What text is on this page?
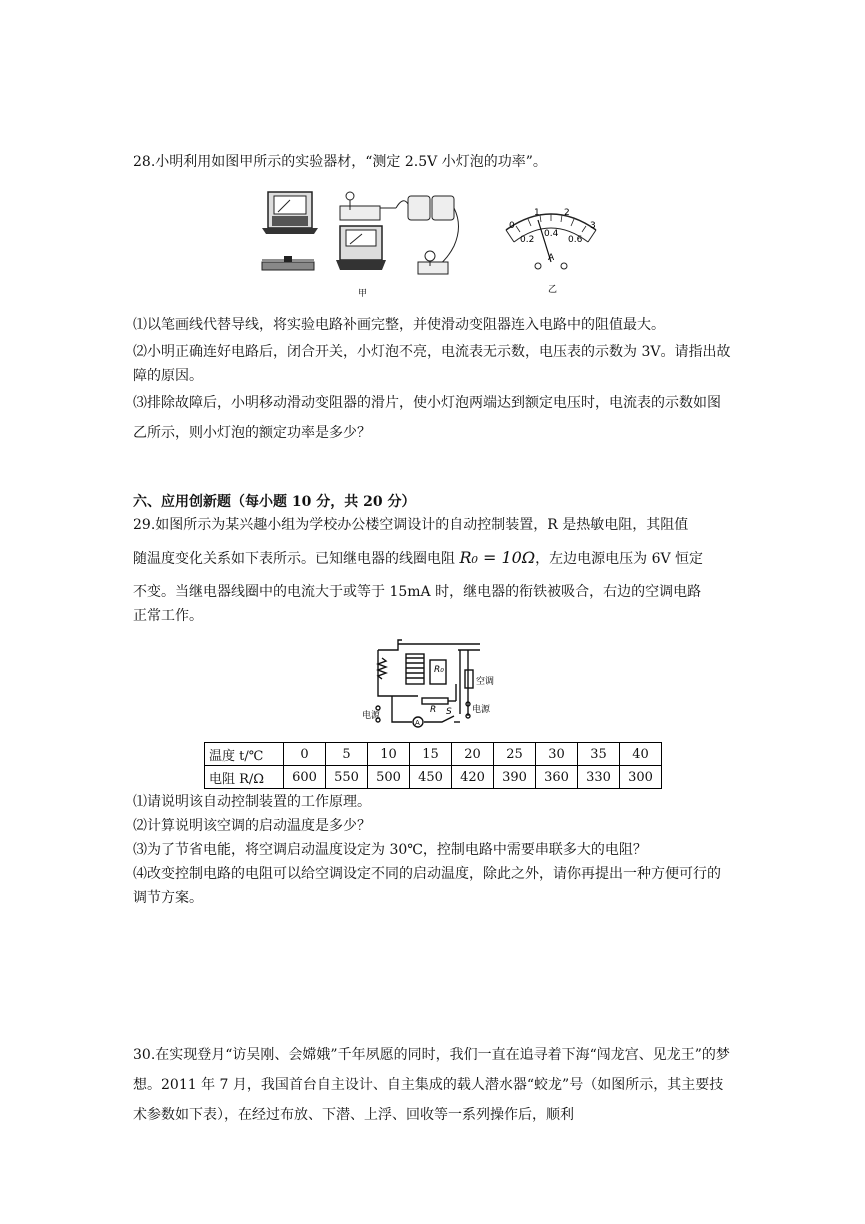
28.小明利用如图甲所示的实验器材，“测定 2.5V 小灯泡的功率”。
甲
0
1	2
3
0.2
0.4
0.6
A
乙
⑴以笔画线代替导线，将实验电路补画完整，并使滑动变阻器连入电路中的阻值最大。
⑵小明正确连好电路后，闭合开关，小灯泡不亮，电流表无示数，电压表的示数为 3V。请指出故障的原因。
⑶排除故障后，小明移动滑动变阻器的滑片，使小灯泡两端达到额定电压时，电流表的示数如图乙所示，则小灯泡的额定功率是多少？
六、应用创新题（每小题 10 分，共 20 分）
29.如图所示为某兴趣小组为学校办公楼空调设计的自动控制装置，R 是热敏电阻，其阻值
随温度变化关系如下表所示。已知继电器的线圈电阻 R₀ = 10Ω，左边电源电压为 6V 恒定
不变。当继电器线圈中的电流大于或等于 15mA 时，继电器的衔铁被吸合，右边的空调电路
正常工作。
R₀
R
空调
电源
电源
A
S
温度 t/℃	0	5	10	15	20	25	30	35	40
电阻 R/Ω	600	550	500	450	420	390	360	330	300
⑴请说明该自动控制装置的工作原理。
⑵计算说明该空调的启动温度是多少？
⑶为了节省电能，将空调启动温度设定为 30℃，控制电路中需要串联多大的电阻？
⑷改变控制电路的电阻可以给空调设定不同的启动温度，除此之外，请你再提出一种方便可行的调节方案。
30.在实现登月“访吴刚、会嫦娥”千年夙愿的同时，我们一直在追寻着下海“闯龙宫、见龙王”的梦想。2011 年 7 月，我国首台自主设计、自主集成的载人潜水器“蛟龙”号（如图所示，其主要技术参数如下表），在经过布放、下潜、上浮、回收等一系列操作后，顺利
